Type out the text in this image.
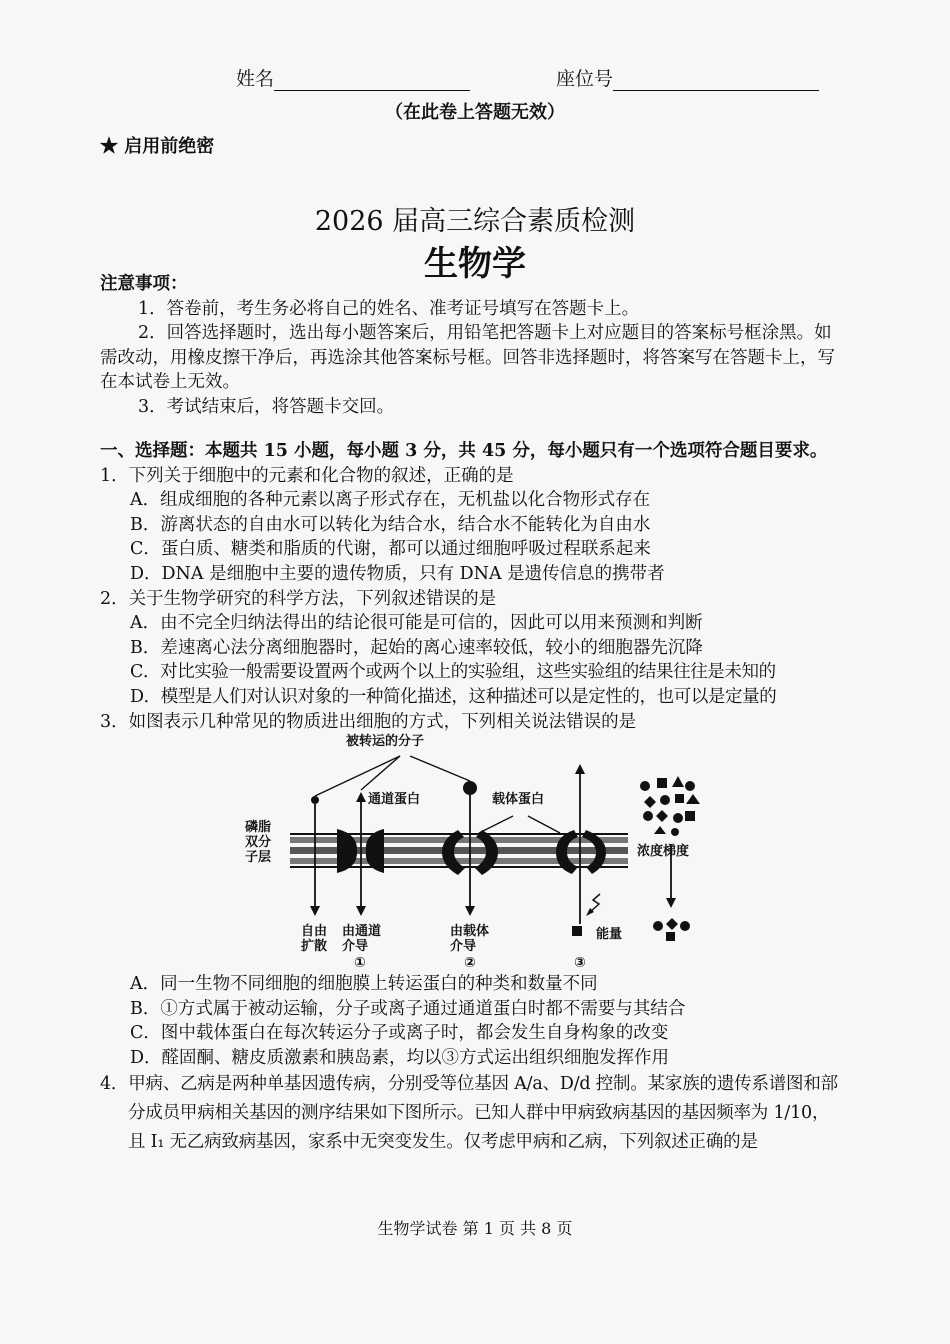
姓名	座位号
（在此卷上答题无效）
★ 启用前绝密
2026 届高三综合素质检测
生物学
注意事项：
1．答卷前，考生务必将自己的姓名、准考证号填写在答题卡上。
2．回答选择题时，选出每小题答案后，用铅笔把答题卡上对应题目的答案标号框涂黑。如需改动，用橡皮擦干净后，再选涂其他答案标号框。回答非选择题时，将答案写在答题卡上，写在本试卷上无效。
3．考试结束后，将答题卡交回。
一、选择题：本题共 15 小题，每小题 3 分，共 45 分，每小题只有一个选项符合题目要求。
1．下列关于细胞中的元素和化合物的叙述，正确的是
A．组成细胞的各种元素以离子形式存在，无机盐以化合物形式存在
B．游离状态的自由水可以转化为结合水，结合水不能转化为自由水
C．蛋白质、糖类和脂质的代谢，都可以通过细胞呼吸过程联系起来
D．DNA 是细胞中主要的遗传物质，只有 DNA 是遗传信息的携带者
2．关于生物学研究的科学方法，下列叙述错误的是
A．由不完全归纳法得出的结论很可能是可信的，因此可以用来预测和判断
B．差速离心法分离细胞器时，起始的离心速率较低，较小的细胞器先沉降
C．对比实验一般需要设置两个或两个以上的实验组，这些实验组的结果往往是未知的
D．模型是人们对认识对象的一种简化描述，这种描述可以是定性的，也可以是定量的
3．如图表示几种常见的物质进出细胞的方式，下列相关说法错误的是
被转运的分子
通道蛋白	载体蛋白
磷脂
双分
子层	浓度梯度
自由
扩散
由通道
介导
由载体
介导
能量
①	②	③
A．同一生物不同细胞的细胞膜上转运蛋白的种类和数量不同
B．①方式属于被动运输，分子或离子通过通道蛋白时都不需要与其结合
C．图中载体蛋白在每次转运分子或离子时，都会发生自身构象的改变
D．醛固酮、糖皮质激素和胰岛素，均以③方式运出组织细胞发挥作用
4．甲病、乙病是两种单基因遗传病，分别受等位基因 A/a、D/d 控制。某家族的遗传系谱图和部分成员甲病相关基因的测序结果如下图所示。已知人群中甲病致病基因的基因频率为 1/10，且 Ⅰ₁ 无乙病致病基因，家系中无突变发生。仅考虑甲病和乙病，下列叙述正确的是
生物学试卷 第 1 页 共 8 页
